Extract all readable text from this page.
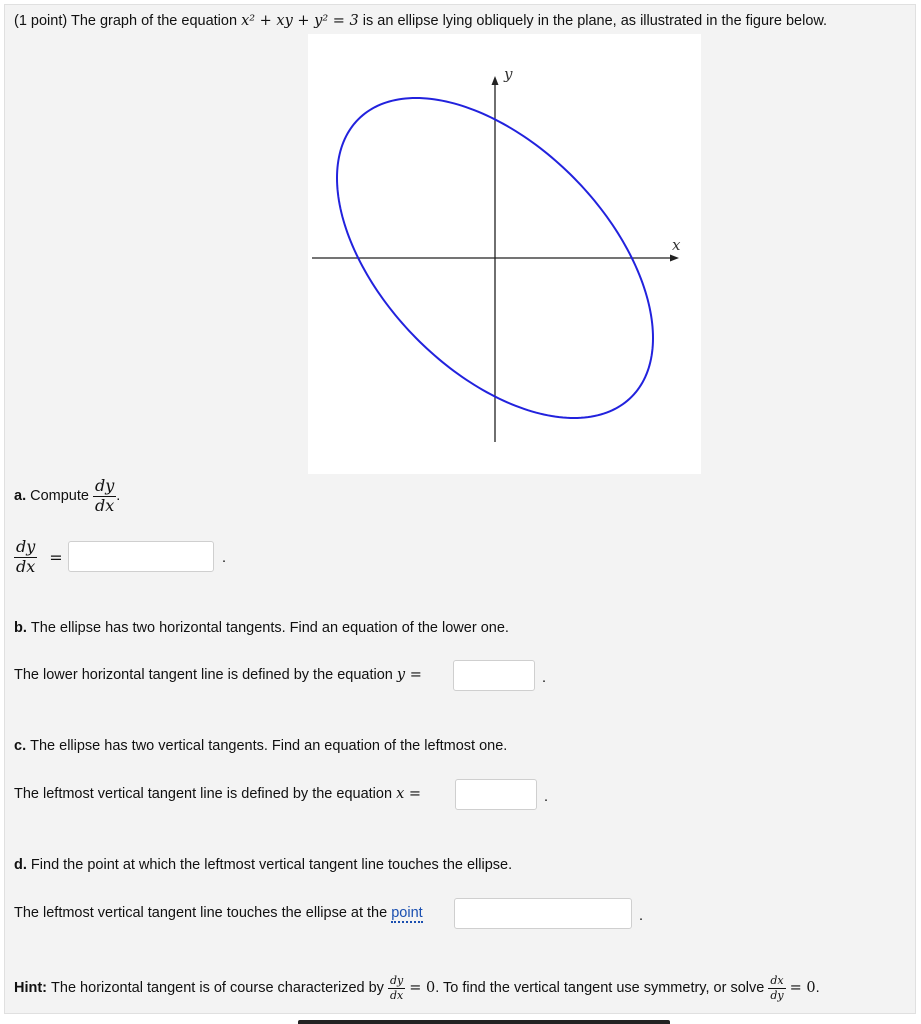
(1 point) The graph of the equation x² + xy + y² = 3 is an ellipse lying obliquely in the plane, as illustrated in the figure below.
x
y
a.
Compute
$\frac{dy}{dx}$ .
$\frac{dy}{dx}$ =	.
b. The ellipse has two horizontal tangents. Find an equation of the lower one.
The lower horizontal tangent line is defined by the equation y =	.
c. The ellipse has two vertical tangents. Find an equation of the leftmost one.
The leftmost vertical tangent line is defined by the equation x =	.
d. Find the point at which the leftmost vertical tangent line touches the ellipse.
The leftmost vertical tangent line touches the ellipse at the point	.
Hint:
The horizontal tangent is of course characterized by
$\frac{dy}{dx} = 0$ . To find the vertical tangent use symmetry, or solve
$\frac{dx}{dy} = 0$ .
